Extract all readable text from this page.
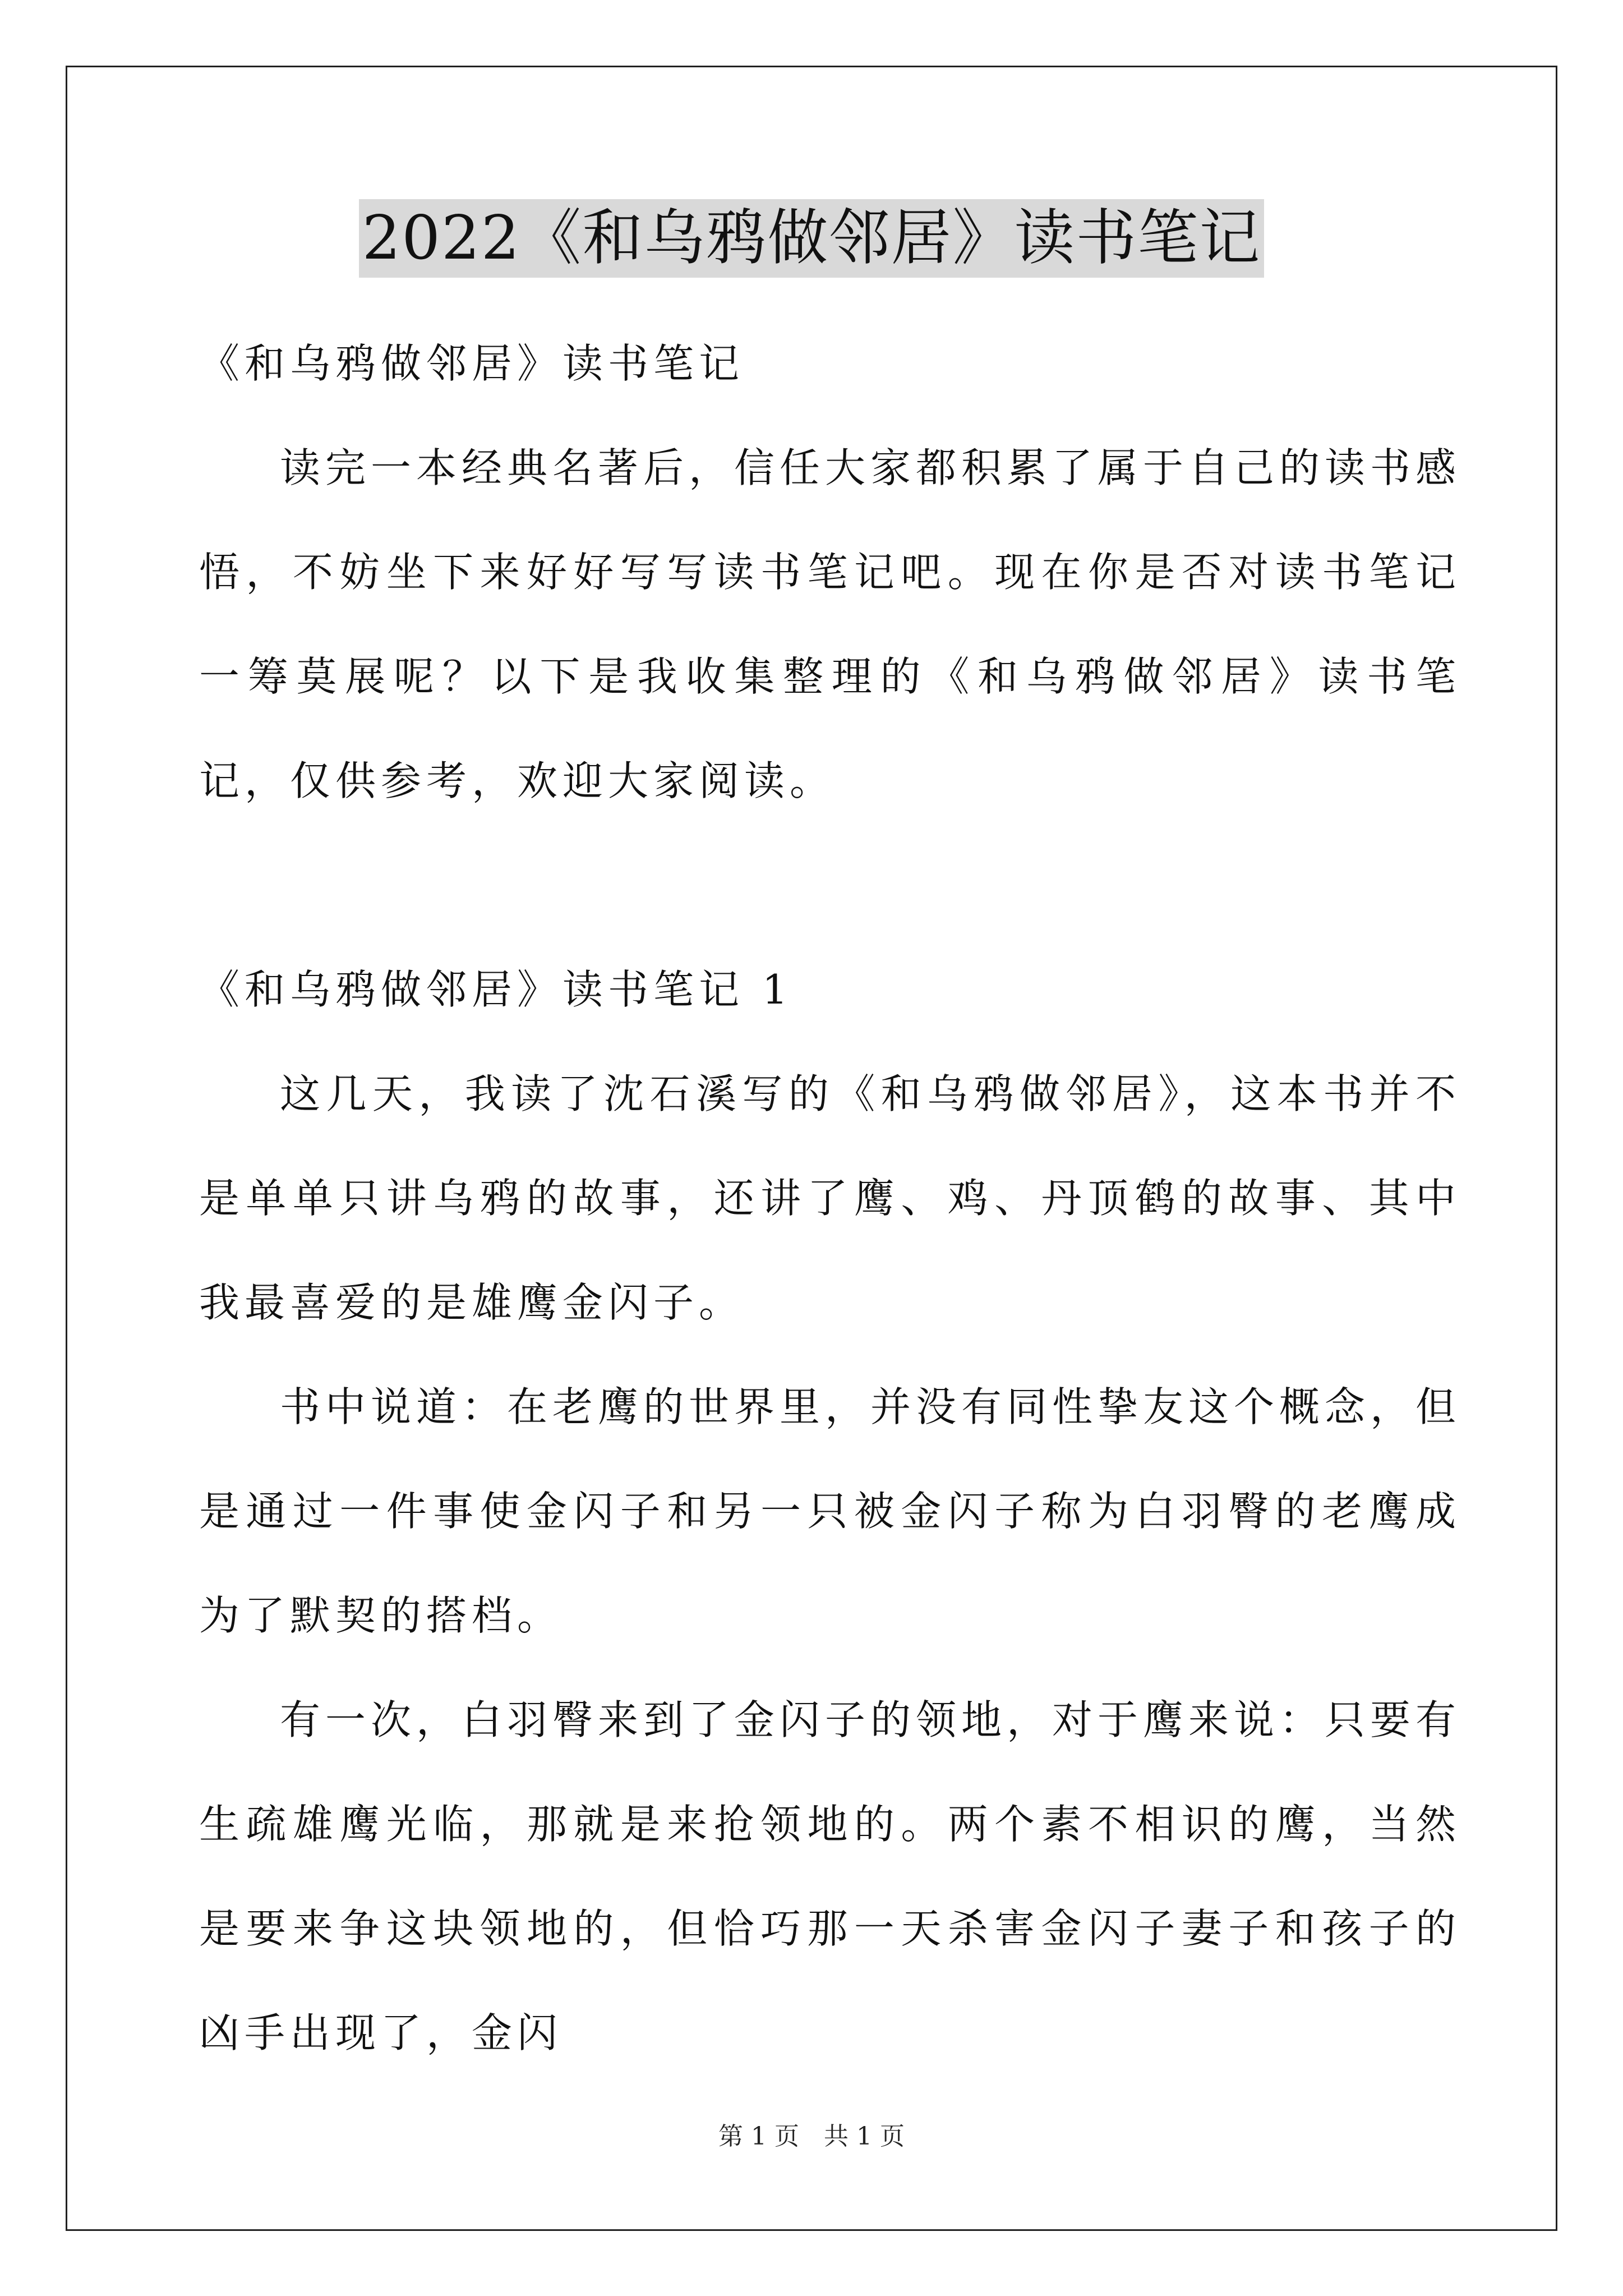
2022《和乌鸦做邻居》读书笔记

《和乌鸦做邻居》读书笔记

读完一本经典名著后，信任大家都积累了属于自己的读书感悟，不妨坐下来好好写写读书笔记吧。现在你是否对读书笔记一筹莫展呢？以下是我收集整理的《和乌鸦做邻居》读书笔记，仅供参考，欢迎大家阅读。

《和乌鸦做邻居》读书笔记 1

这几天，我读了沈石溪写的《和乌鸦做邻居》，这本书并不是单单只讲乌鸦的故事，还讲了鹰、鸡、丹顶鹤的故事、其中我最喜爱的是雄鹰金闪子。

书中说道：在老鹰的世界里，并没有同性挚友这个概念，但是通过一件事使金闪子和另一只被金闪子称为白羽臀的老鹰成为了默契的搭档。

有一次，白羽臀来到了金闪子的领地，对于鹰来说：只要有生疏雄鹰光临，那就是来抢领地的。两个素不相识的鹰，当然是要来争这块领地的，但恰巧那一天杀害金闪子妻子和孩子的凶手出现了，金闪

第 1 页 共 1 页
